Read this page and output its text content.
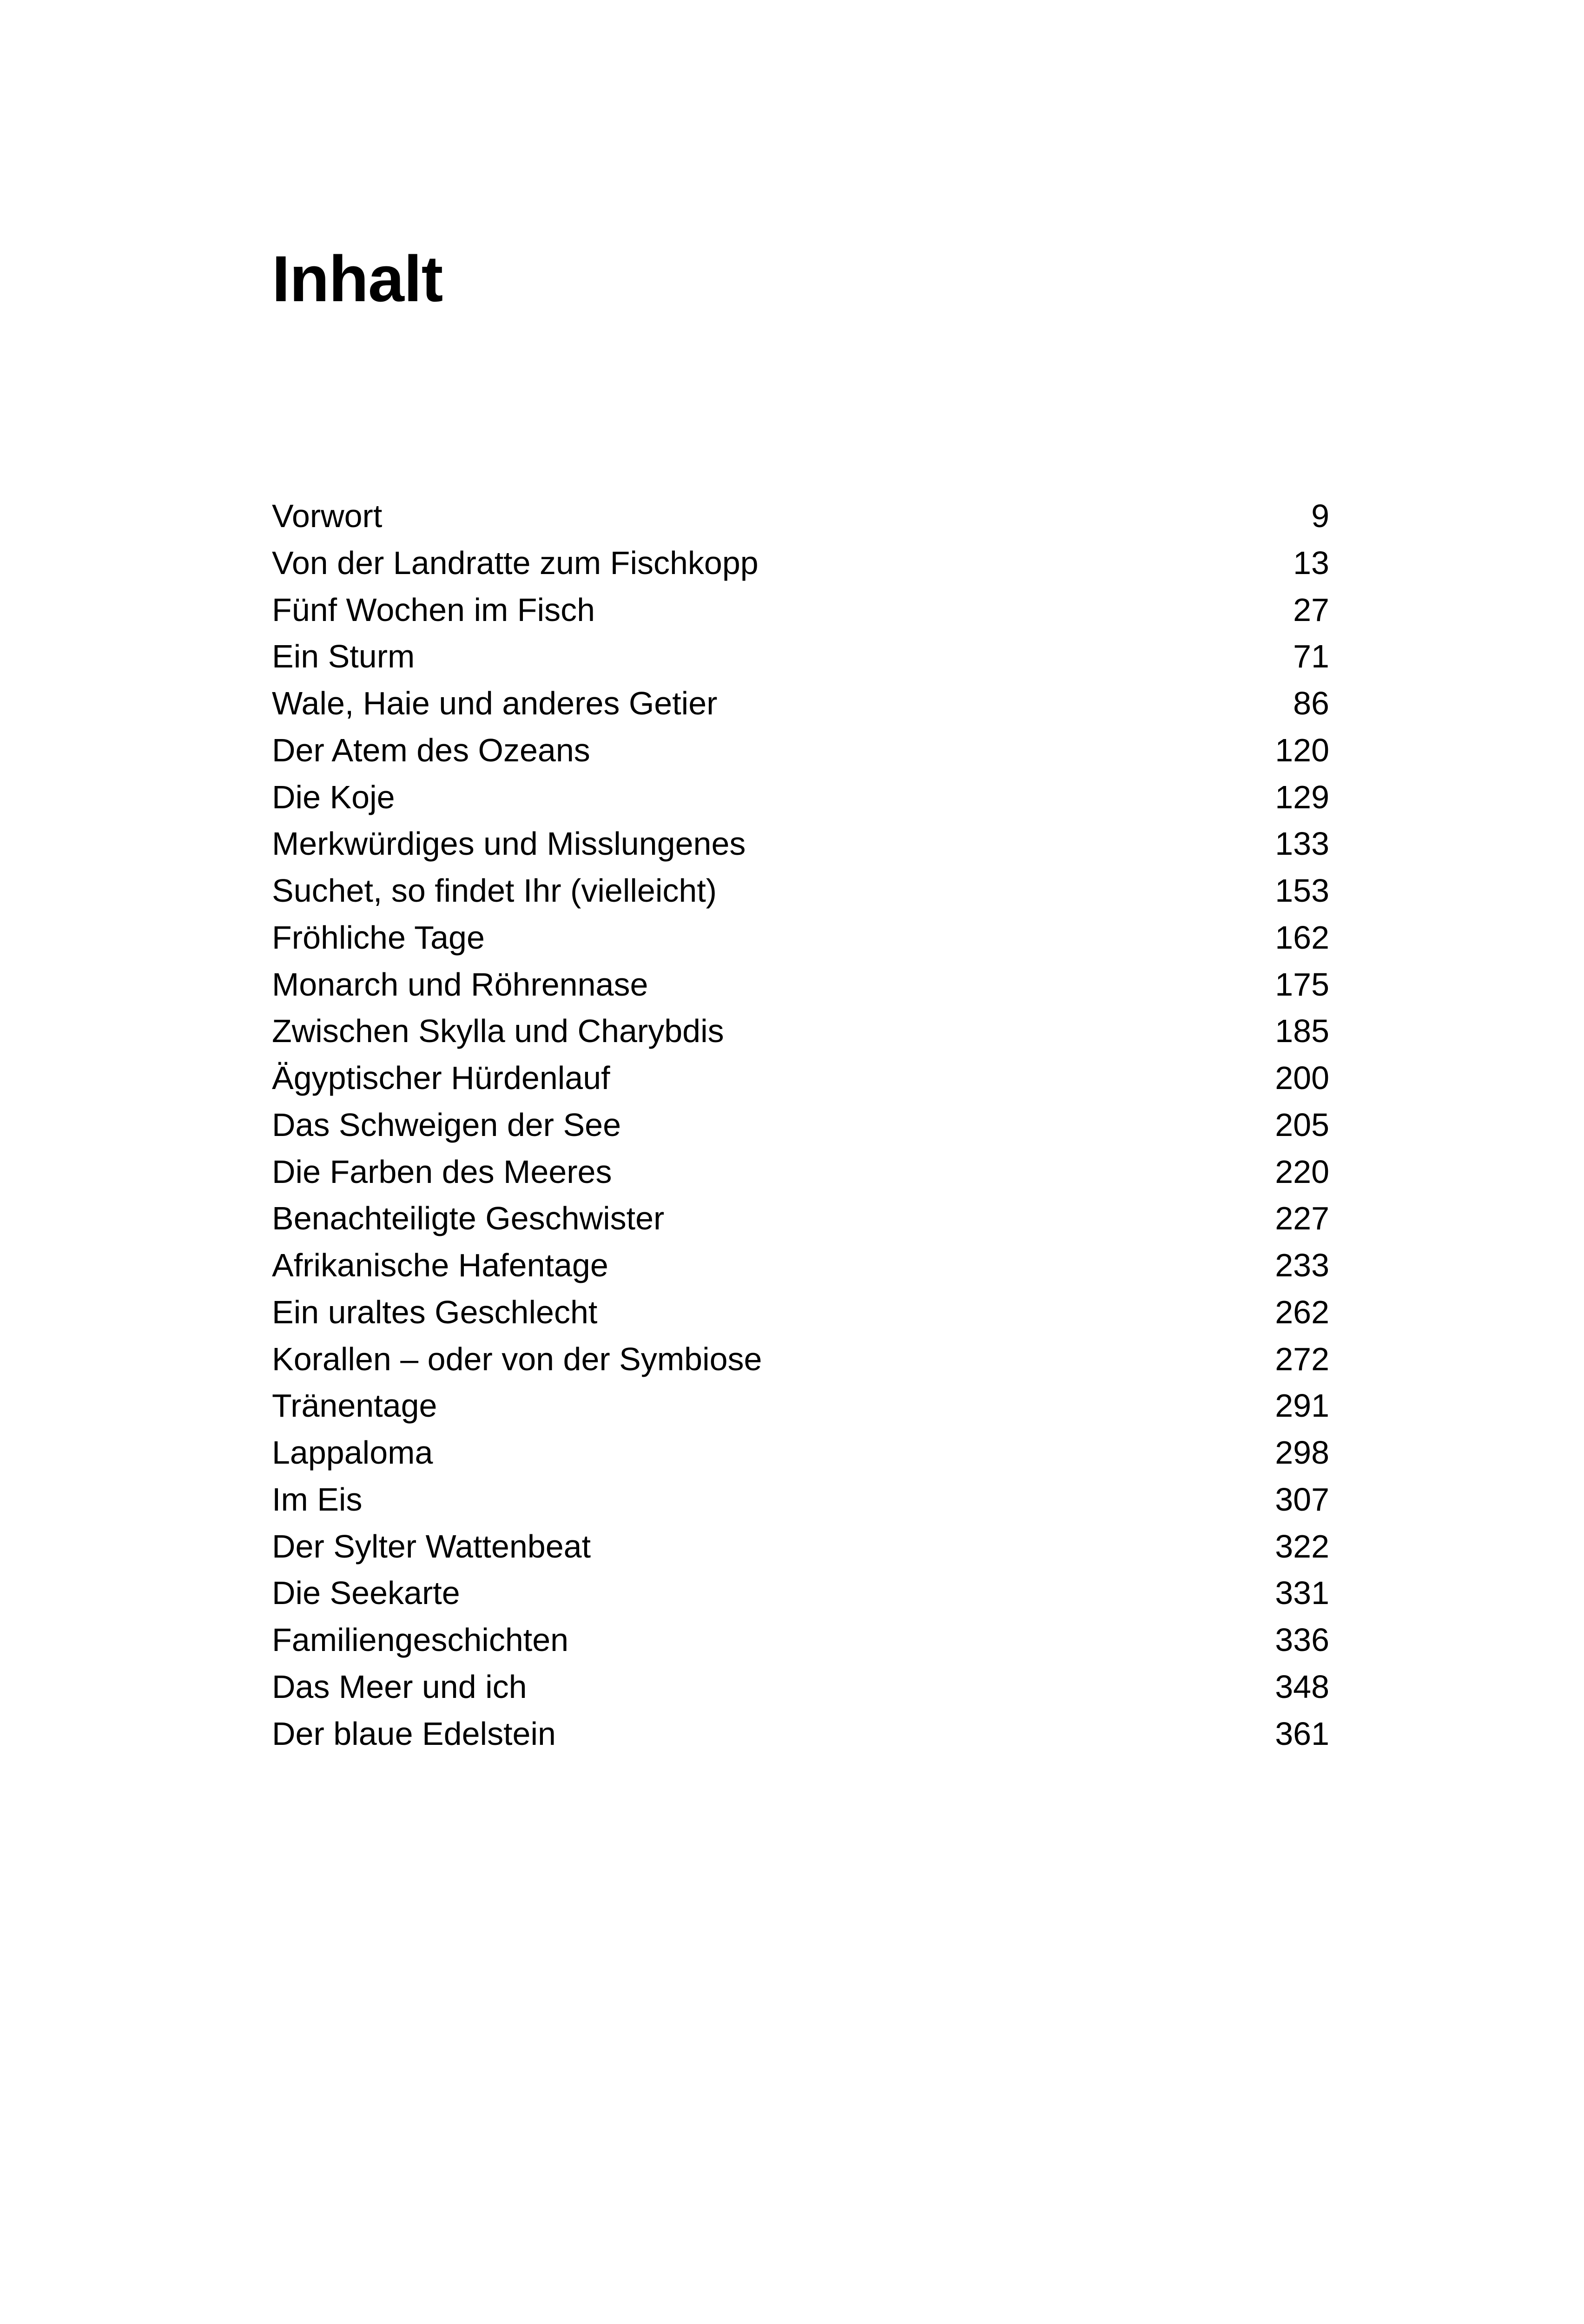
Inhalt
Vorwort	9
Von der Landratte zum Fischkopp	13
Fünf Wochen im Fisch	27
Ein Sturm	71
Wale, Haie und anderes Getier	86
Der Atem des Ozeans	120
Die Koje	129
Merkwürdiges und Misslungenes	133
Suchet, so findet Ihr (vielleicht)	153
Fröhliche Tage	162
Monarch und Röhrennase	175
Zwischen Skylla und Charybdis	185
Ägyptischer Hürdenlauf	200
Das Schweigen der See	205
Die Farben des Meeres	220
Benachteiligte Geschwister	227
Afrikanische Hafentage	233
Ein uraltes Geschlecht	262
Korallen – oder von der Symbiose	272
Tränentage	291
Lappaloma	298
Im Eis	307
Der Sylter Wattenbeat	322
Die Seekarte	331
Familiengeschichten	336
Das Meer und ich	348
Der blaue Edelstein	361
